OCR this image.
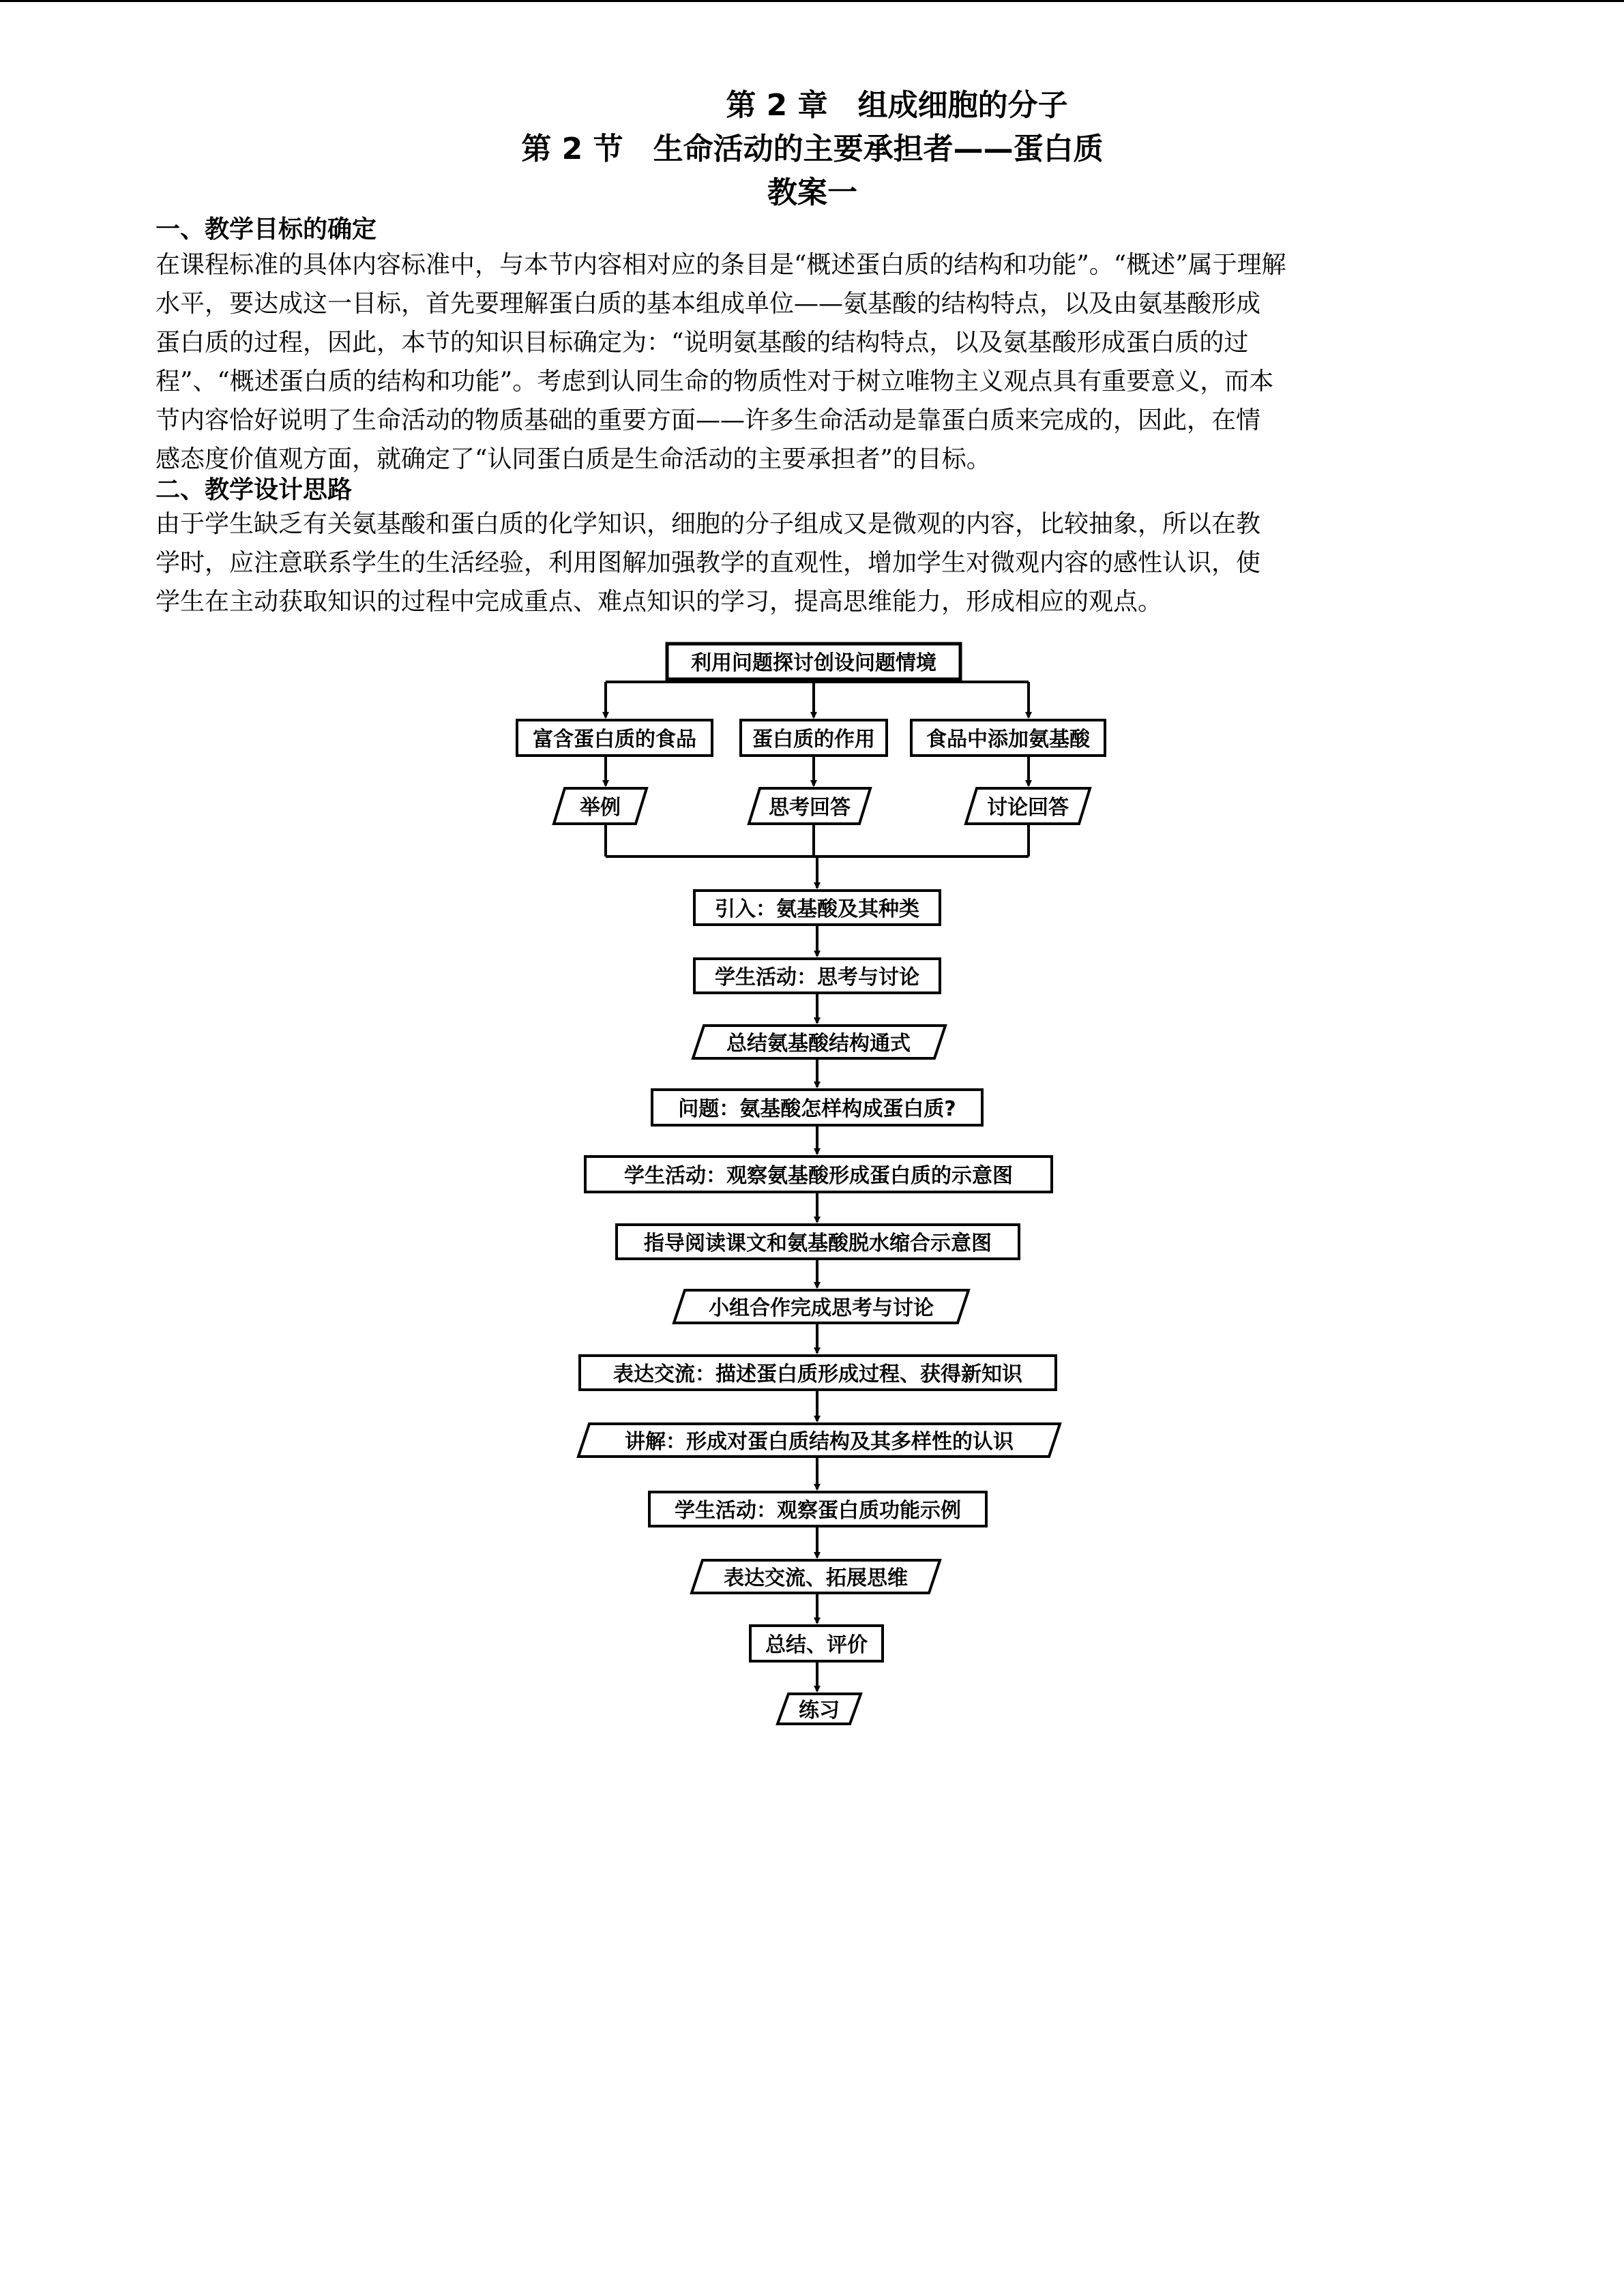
第 2 章　组成细胞的分子
第 2 节　生命活动的主要承担者——蛋白质
教案一
一、教学目标的确定
在课程标准的具体内容标准中，与本节内容相对应的条目是“概述蛋白质的结构和功能”。“概述”属于理解
水平，要达成这一目标，首先要理解蛋白质的基本组成单位——氨基酸的结构特点，以及由氨基酸形成
蛋白质的过程，因此，本节的知识目标确定为：“说明氨基酸的结构特点，以及氨基酸形成蛋白质的过
程”、“概述蛋白质的结构和功能”。考虑到认同生命的物质性对于树立唯物主义观点具有重要意义，而本
节内容恰好说明了生命活动的物质基础的重要方面——许多生命活动是靠蛋白质来完成的，因此，在情
感态度价值观方面，就确定了“认同蛋白质是生命活动的主要承担者”的目标。
二、教学设计思路
由于学生缺乏有关氨基酸和蛋白质的化学知识，细胞的分子组成又是微观的内容，比较抽象，所以在教
学时，应注意联系学生的生活经验，利用图解加强教学的直观性，增加学生对微观内容的感性认识，使
学生在主动获取知识的过程中完成重点、难点知识的学习，提高思维能力，形成相应的观点。
利用问题探讨创设问题情境
富含蛋白质的食品	蛋白质的作用	食品中添加氨基酸
举例	思考回答	讨论回答
引入：氨基酸及其种类
学生活动：思考与讨论
总结氨基酸结构通式
问题：氨基酸怎样构成蛋白质?
学生活动：观察氨基酸形成蛋白质的示意图
指导阅读课文和氨基酸脱水缩合示意图
小组合作完成思考与讨论
表达交流：描述蛋白质形成过程、获得新知识
讲解：形成对蛋白质结构及其多样性的认识
学生活动：观察蛋白质功能示例
表达交流、拓展思维
总结、评价
练习
